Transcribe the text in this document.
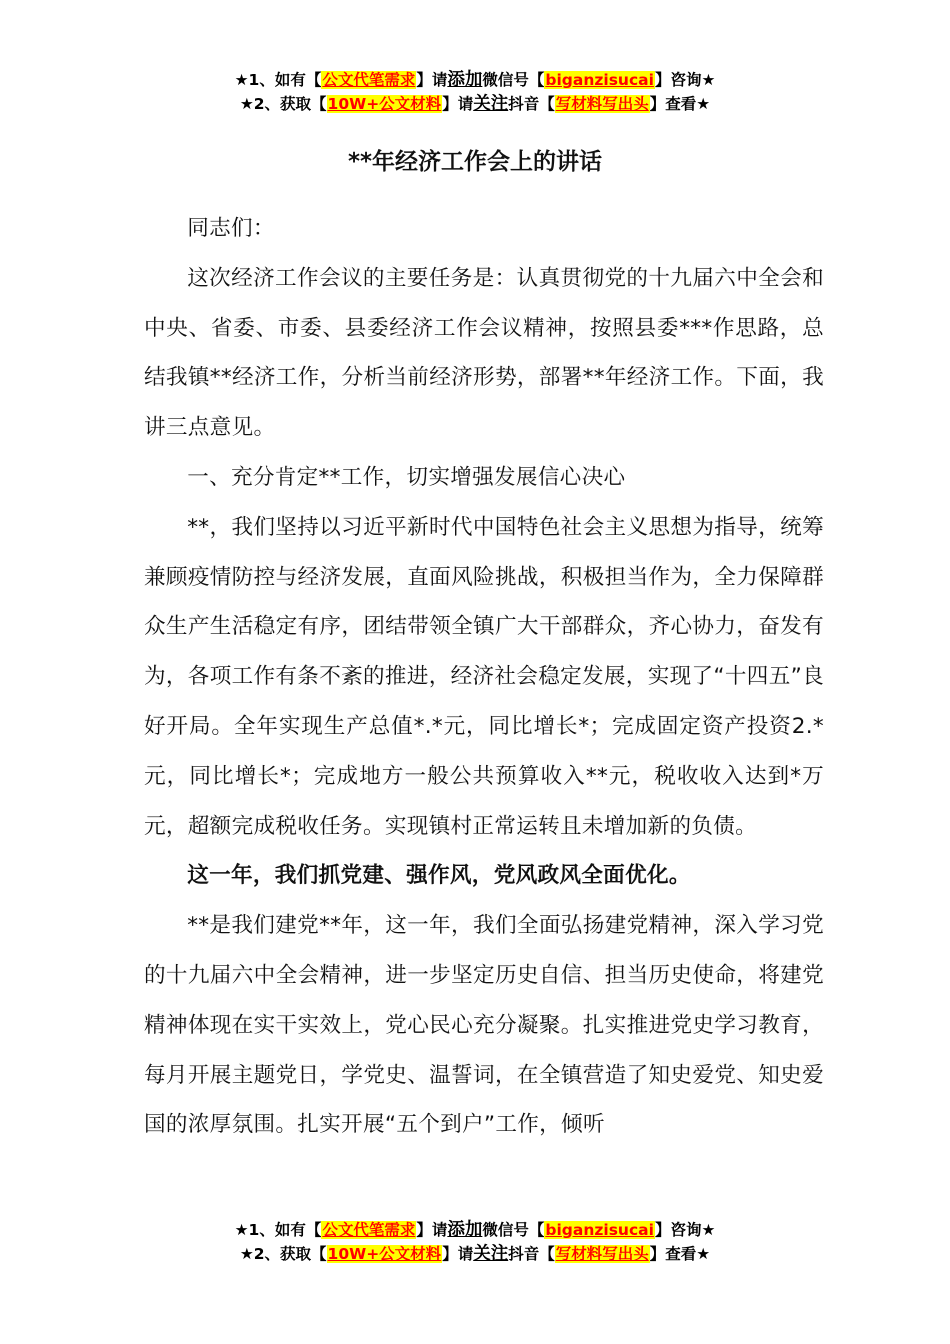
★1、如有【公文代笔需求】请添加微信号【biganzisucai】咨询★
★2、获取【10W+公文材料】请关注抖音【写材料写出头】查看★
**年经济工作会上的讲话

同志们：

这次经济工作会议的主要任务是：认真贯彻党的十九届六中全会和中央、省委、市委、县委经济工作会议精神，按照县委***作思路，总结我镇**经济工作，分析当前经济形势，部署**年经济工作。下面，我讲三点意见。

一、充分肯定**工作，切实增强发展信心决心

**，我们坚持以习近平新时代中国特色社会主义思想为指导，统筹兼顾疫情防控与经济发展，直面风险挑战，积极担当作为，全力保障群众生产生活稳定有序，团结带领全镇广大干部群众，齐心协力，奋发有为，各项工作有条不紊的推进，经济社会稳定发展，实现了“十四五”良好开局。全年实现生产总值*.*元，同比增长*；完成固定资产投资2.*元，同比增长*；完成地方一般公共预算收入**元，税收收入达到*万元，超额完成税收任务。实现镇村正常运转且未增加新的负债。

这一年，我们抓党建、强作风，党风政风全面优化。

**是我们建党**年，这一年，我们全面弘扬建党精神，深入学习党的十九届六中全会精神，进一步坚定历史自信、担当历史使命，将建党精神体现在实干实效上，党心民心充分凝聚。扎实推进党史学习教育，每月开展主题党日，学党史、温誓词，在全镇营造了知史爱党、知史爱国的浓厚氛围。扎实开展“五个到户”工作，倾听

★1、如有【公文代笔需求】请添加微信号【biganzisucai】咨询★
★2、获取【10W+公文材料】请关注抖音【写材料写出头】查看★
